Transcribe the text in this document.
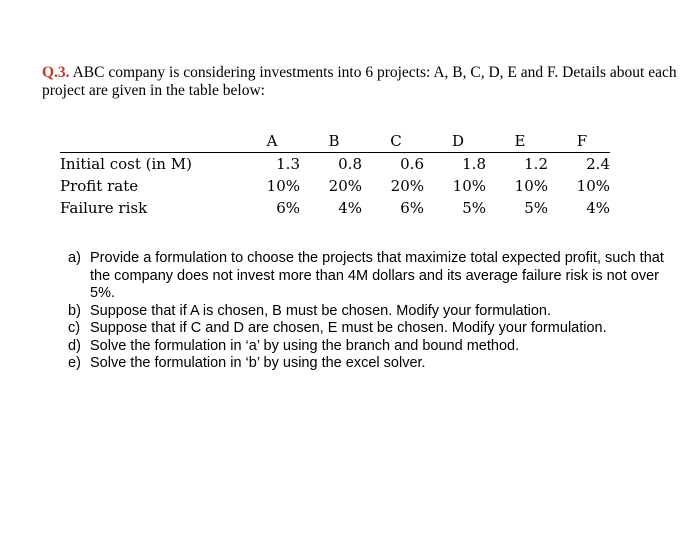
Q.3. ABC company is considering investments into 6 projects: A, B, C, D, E and F. Details about each project are given in the table below:
	A	B	C	D	E	F
Initial cost (in M)	1.3	0.8	0.6	1.8	1.2	2.4
Profit rate	10%	20%	20%	10%	10%	10%
Failure risk	6%	4%	6%	5%	5%	4%
a) Provide a formulation to choose the projects that maximize total expected profit, such that the company does not invest more than 4M dollars and its average failure risk is not over 5%.
b) Suppose that if A is chosen, B must be chosen. Modify your formulation.
c) Suppose that if C and D are chosen, E must be chosen. Modify your formulation.
d) Solve the formulation in ‘a’ by using the branch and bound method.
e) Solve the formulation in ‘b’ by using the excel solver.
